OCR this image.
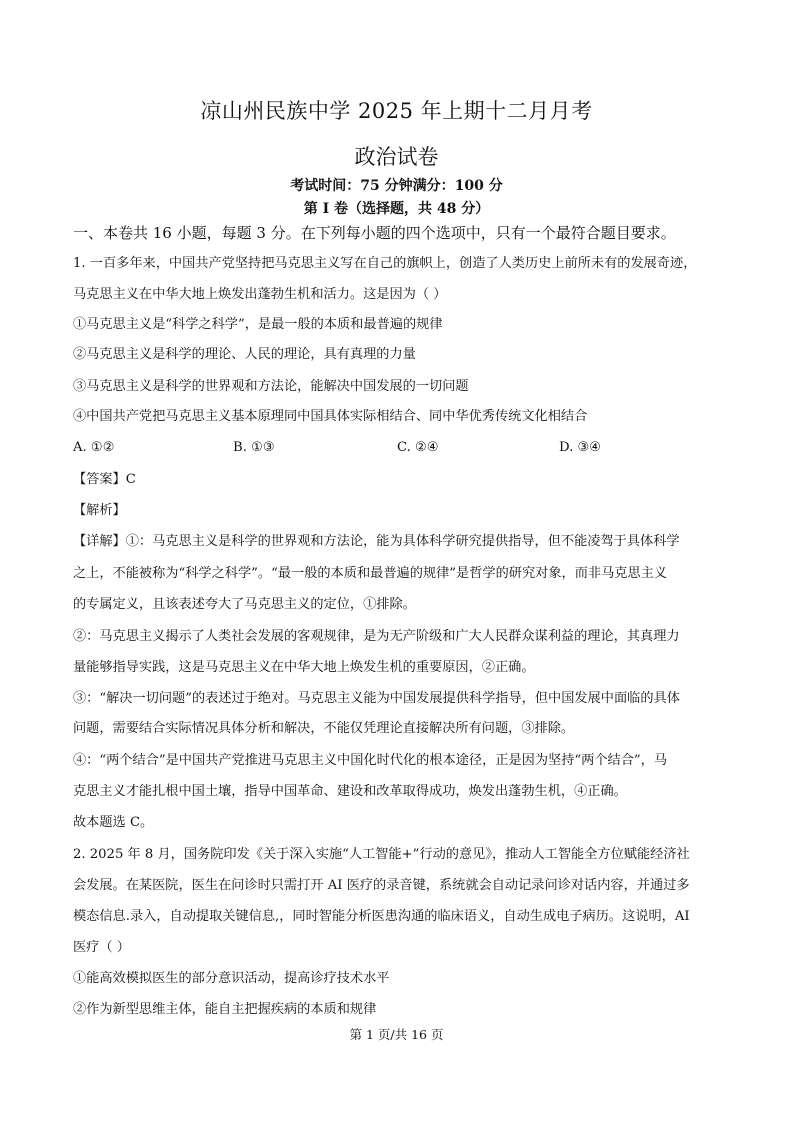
凉山州民族中学 2025 年上期十二月月考
政治试卷
考试时间：75 分钟满分：100 分
第 I 卷（选择题，共 48 分）
一、本卷共 16 小题，每题 3 分。在下列每小题的四个选项中，只有一个最符合题目要求。
1. 一百多年来，中国共产党坚持把马克思主义写在自己的旗帜上，创造了人类历史上前所未有的发展奇迹，
马克思主义在中华大地上焕发出蓬勃生机和活力。这是因为（ ）
①马克思主义是“科学之科学”，是最一般的本质和最普遍的规律
②马克思主义是科学的理论、人民的理论，具有真理的力量
③马克思主义是科学的世界观和方法论，能解决中国发展的一切问题
④中国共产党把马克思主义基本原理同中国具体实际相结合、同中华优秀传统文化相结合
A. ①②	B. ①③	C. ②④	D. ③④
【答案】C
【解析】
【详解】①：马克思主义是科学的世界观和方法论，能为具体科学研究提供指导，但不能凌驾于具体科学
之上，不能被称为“科学之科学”。“最一般的本质和最普遍的规律”是哲学的研究对象，而非马克思主义
的专属定义，且该表述夸大了马克思主义的定位，①排除。
②：马克思主义揭示了人类社会发展的客观规律，是为无产阶级和广大人民群众谋利益的理论，其真理力
量能够指导实践，这是马克思主义在中华大地上焕发生机的重要原因，②正确。
③：“解决一切问题”的表述过于绝对。马克思主义能为中国发展提供科学指导，但中国发展中面临的具体
问题，需要结合实际情况具体分析和解决，不能仅凭理论直接解决所有问题，③排除。
④：“两个结合”是中国共产党推进马克思主义中国化时代化的根本途径，正是因为坚持“两个结合”，马
克思主义才能扎根中国土壤，指导中国革命、建设和改革取得成功，焕发出蓬勃生机，④正确。
故本题选 C。
2. 2025 年 8 月，国务院印发《关于深入实施“人工智能+”行动的意见》，推动人工智能全方位赋能经济社
会发展。在某医院，医生在问诊时只需打开 AI 医疗的录音键，系统就会自动记录问诊对话内容，并通过多
模态信息.录入，自动提取关键信息,，同时智能分析医患沟通的临床语义，自动生成电子病历。这说明，AI
医疗（ ）
①能高效模拟医生的部分意识活动，提高诊疗技术水平
②作为新型思维主体，能自主把握疾病的本质和规律
第 1 页/共 16 页
